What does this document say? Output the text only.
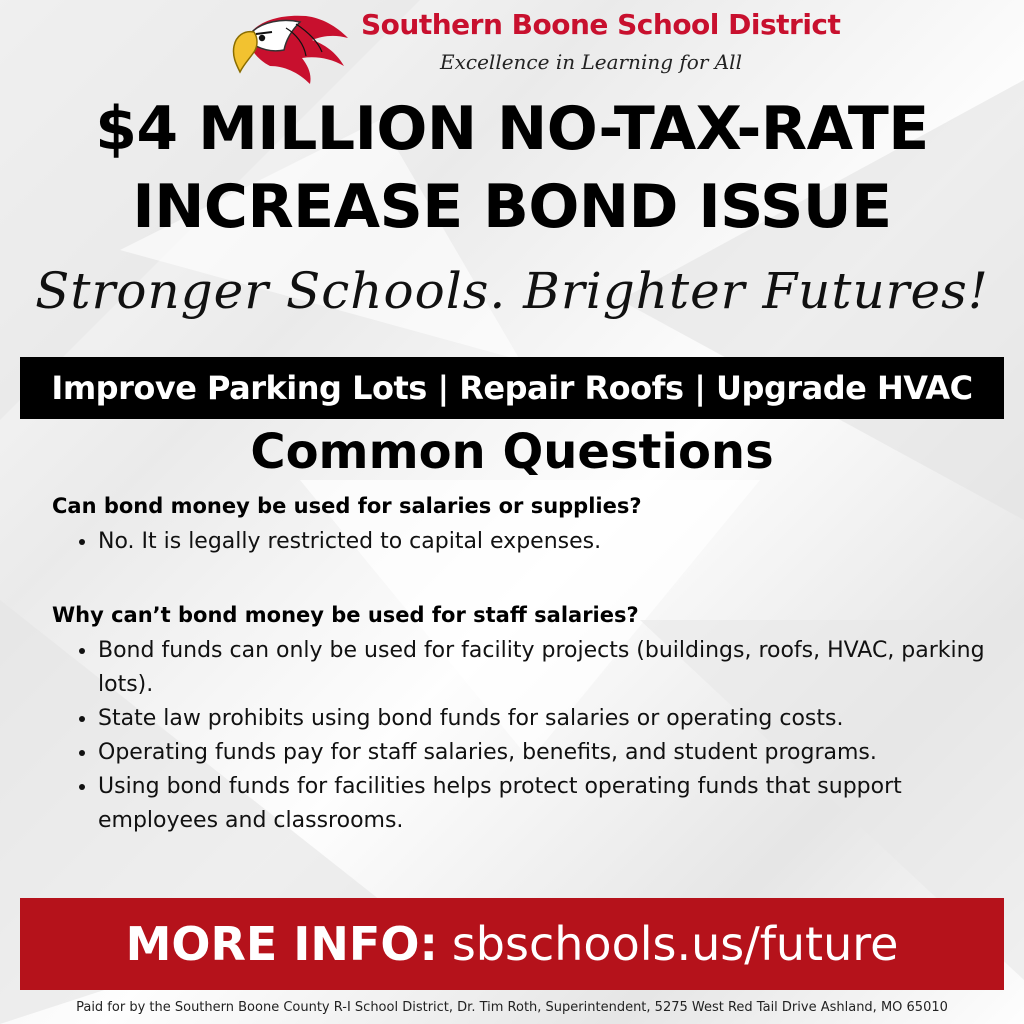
Southern Boone School District
Excellence in Learning for All
$4 MILLION NO-TAX-RATE
INCREASE BOND ISSUE
Stronger Schools. Brighter Futures!
Improve Parking Lots | Repair Roofs | Upgrade HVAC
Common Questions
Can bond money be used for salaries or supplies?
• No. It is legally restricted to capital expenses.
Why can’t bond money be used for staff salaries?
• Bond funds can only be used for facility projects (buildings, roofs, HVAC, parking lots).
• State law prohibits using bond funds for salaries or operating costs.
• Operating funds pay for staff salaries, benefits, and student programs.
• Using bond funds for facilities helps protect operating funds that support employees and classrooms.
MORE INFO: sbschools.us/future
Paid for by the Southern Boone County R-I School District, Dr. Tim Roth, Superintendent, 5275 West Red Tail Drive Ashland, MO 65010
